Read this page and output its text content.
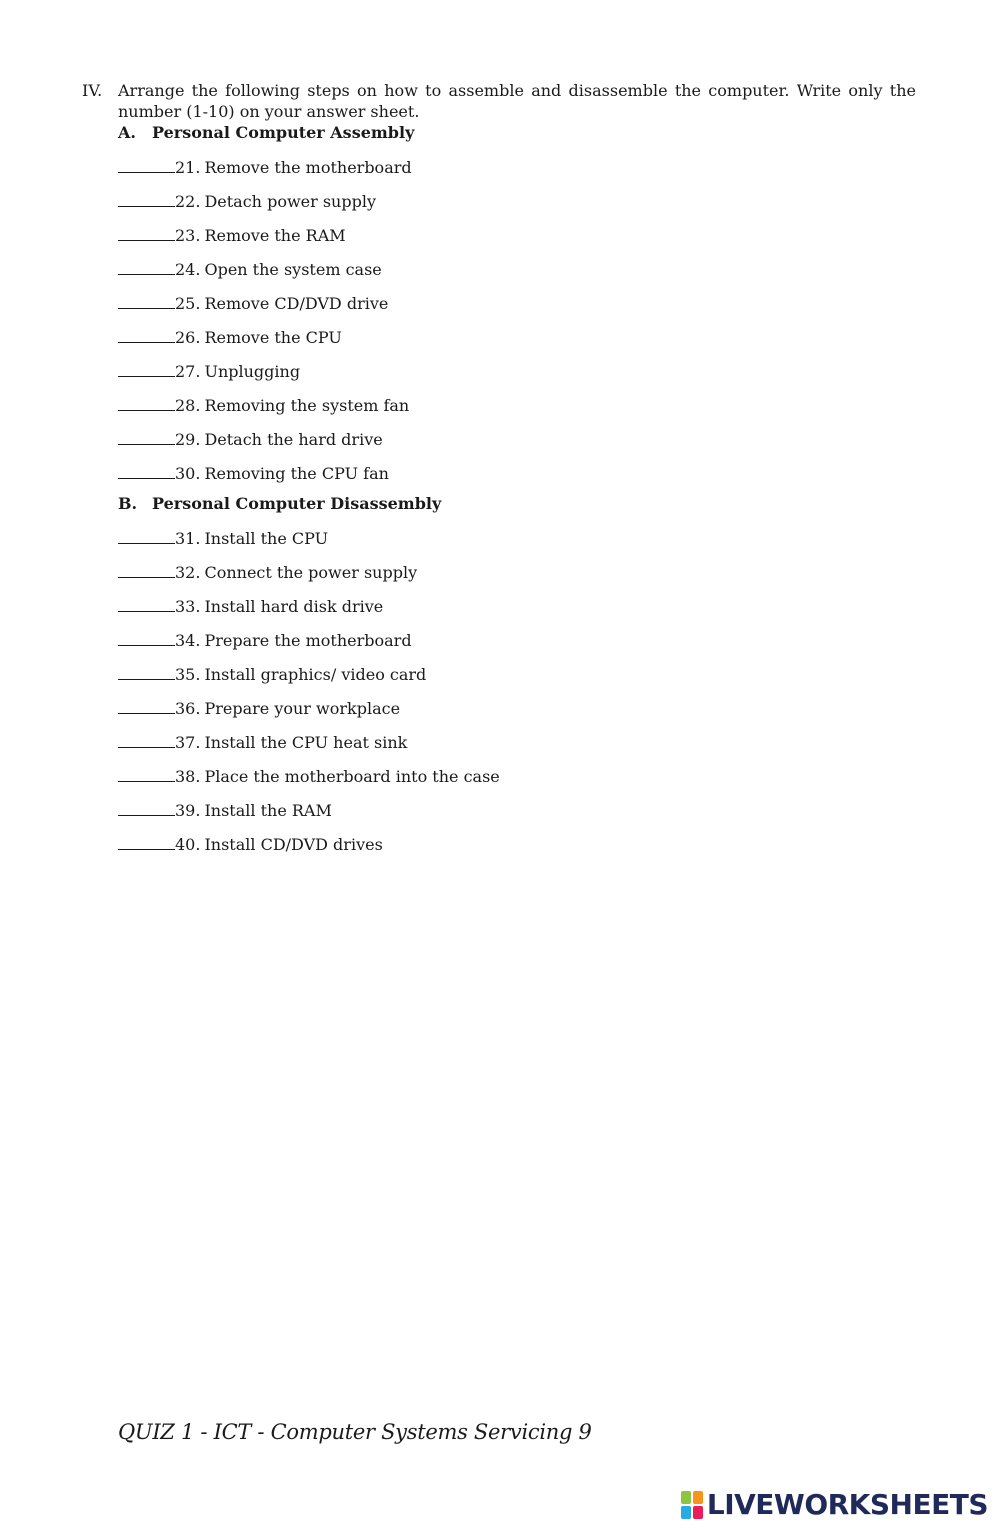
IV. Arrange the following steps on how to assemble and disassemble the computer. Write only the number (1-10) on your answer sheet.
A.	Personal Computer Assembly
21. Remove the motherboard
22. Detach power supply
23. Remove the RAM
24. Open the system case
25. Remove CD/DVD drive
26. Remove the CPU
27. Unplugging
28. Removing the system fan
29. Detach the hard drive
30. Removing the CPU fan
B. Personal Computer Disassembly
31. Install the CPU
32. Connect the power supply
33. Install hard disk drive
34. Prepare the motherboard
35. Install graphics/ video card
36. Prepare your workplace
37. Install the CPU heat sink
38. Place the motherboard into the case
39. Install the RAM
40. Install CD/DVD drives
QUIZ 1 - ICT - Computer Systems Servicing 9
LIVEWORKSHEETS
